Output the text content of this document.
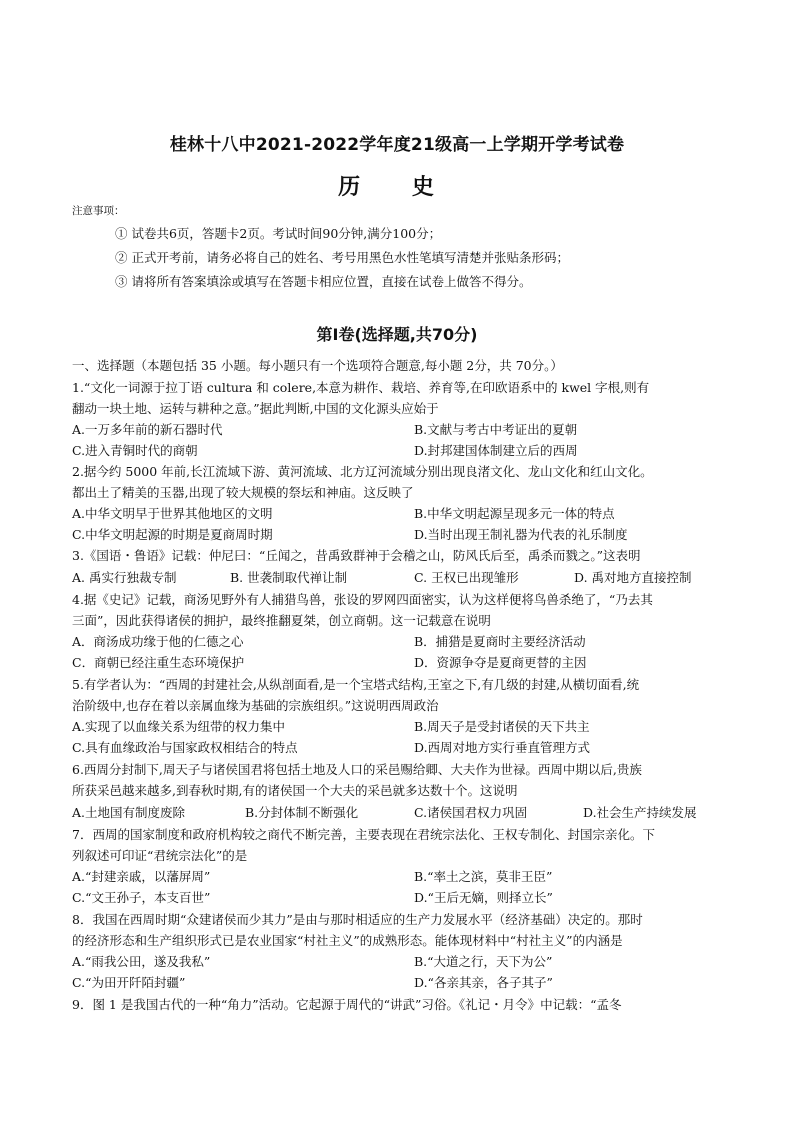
桂林十八中2021-2022学年度21级高一上学期开学考试卷
历 史
注意事项：
① 试卷共6页，答题卡2页。考试时间90分钟,满分100分；
② 正式开考前，请务必将自己的姓名、考号用黑色水性笔填写清楚并张贴条形码；
③ 请将所有答案填涂或填写在答题卡相应位置，直接在试卷上做答不得分。
第I卷(选择题,共70分)
一、选择题（本题包括 35 小题。每小题只有一个选项符合题意,每小题 2分，共 70分。）
1.“文化一词源于拉丁语 cultura 和 colere,本意为耕作、栽培、养育等,在印欧语系中的 kwel 字根,则有
翻动一块土地、运转与耕种之意。”据此判断,中国的文化源头应始于
A.一万多年前的新石器时代	B.文献与考古中考证出的夏朝
C.进入青铜时代的商朝	D.封邦建国体制建立后的西周
2.据今约 5000 年前,长江流域下游、黄河流域、北方辽河流域分别出现良渚文化、龙山文化和红山文化。
都出土了精美的玉器,出现了较大规模的祭坛和神庙。这反映了
A.中华文明早于世界其他地区的文明	B.中华文明起源呈现多元一体的特点
C.中华文明起源的时期是夏商周时期	D.当时出现王制礼器为代表的礼乐制度
3.《国语・鲁语》记载：仲尼曰：“丘闻之，昔禹致群神于会稽之山，防风氏后至，禹杀而戮之。”这表明
A. 禹实行独裁专制	B. 世袭制取代禅让制	C. 王权已出现雏形	D. 禹对地方直接控制
4.据《史记》记载，商汤见野外有人捕猎鸟兽，张设的罗网四面密实，认为这样便将鸟兽杀绝了，“乃去其
三面”，因此获得诸侯的拥护，最终推翻夏桀，创立商朝。这一记载意在说明
A．商汤成功缘于他的仁德之心	B．捕猎是夏商时主要经济活动
C．商朝已经注重生态环境保护	D．资源争夺是夏商更替的主因
5.有学者认为：“西周的封建社会,从纵剖面看,是一个宝塔式结构,王室之下,有几级的封建,从横切面看,统
治阶级中,也存在着以亲属血缘为基础的宗族组织。”这说明西周政治
A.实现了以血缘关系为纽带的权力集中	B.周天子是受封诸侯的天下共主
C.具有血缘政治与国家政权相结合的特点	D.西周对地方实行垂直管理方式
6.西周分封制下,周天子与诸侯国君将包括土地及人口的采邑赐给卿、大夫作为世禄。西周中期以后,贵族
所获采邑越来越多,到春秋时期,有的诸侯国一个大夫的采邑就多达数十个。这说明
A.土地国有制度废除	B.分封体制不断强化	C.诸侯国君权力巩固	D.社会生产持续发展
7．西周的国家制度和政府机构较之商代不断完善，主要表现在君统宗法化、王权专制化、封国宗亲化。下
列叙述可印证“君统宗法化”的是
A.“封建亲戚，以藩屏周”	B.“率土之滨，莫非王臣”
C.“文王孙子，本支百世”	D.“王后无嫡，则择立长”
8．我国在西周时期“众建诸侯而少其力”是由与那时相适应的生产力发展水平（经济基础）决定的。那时
的经济形态和生产组织形式已是农业国家“村社主义”的成熟形态。能体现材料中“村社主义”的内涵是
A.“雨我公田，遂及我私”	B.“大道之行，天下为公”
C.“为田开阡陌封疆”	D.“各亲其亲，各子其子”
9．图 1 是我国古代的一种“角力”活动。它起源于周代的“讲武”习俗。《礼记・月令》中记载：“孟冬
